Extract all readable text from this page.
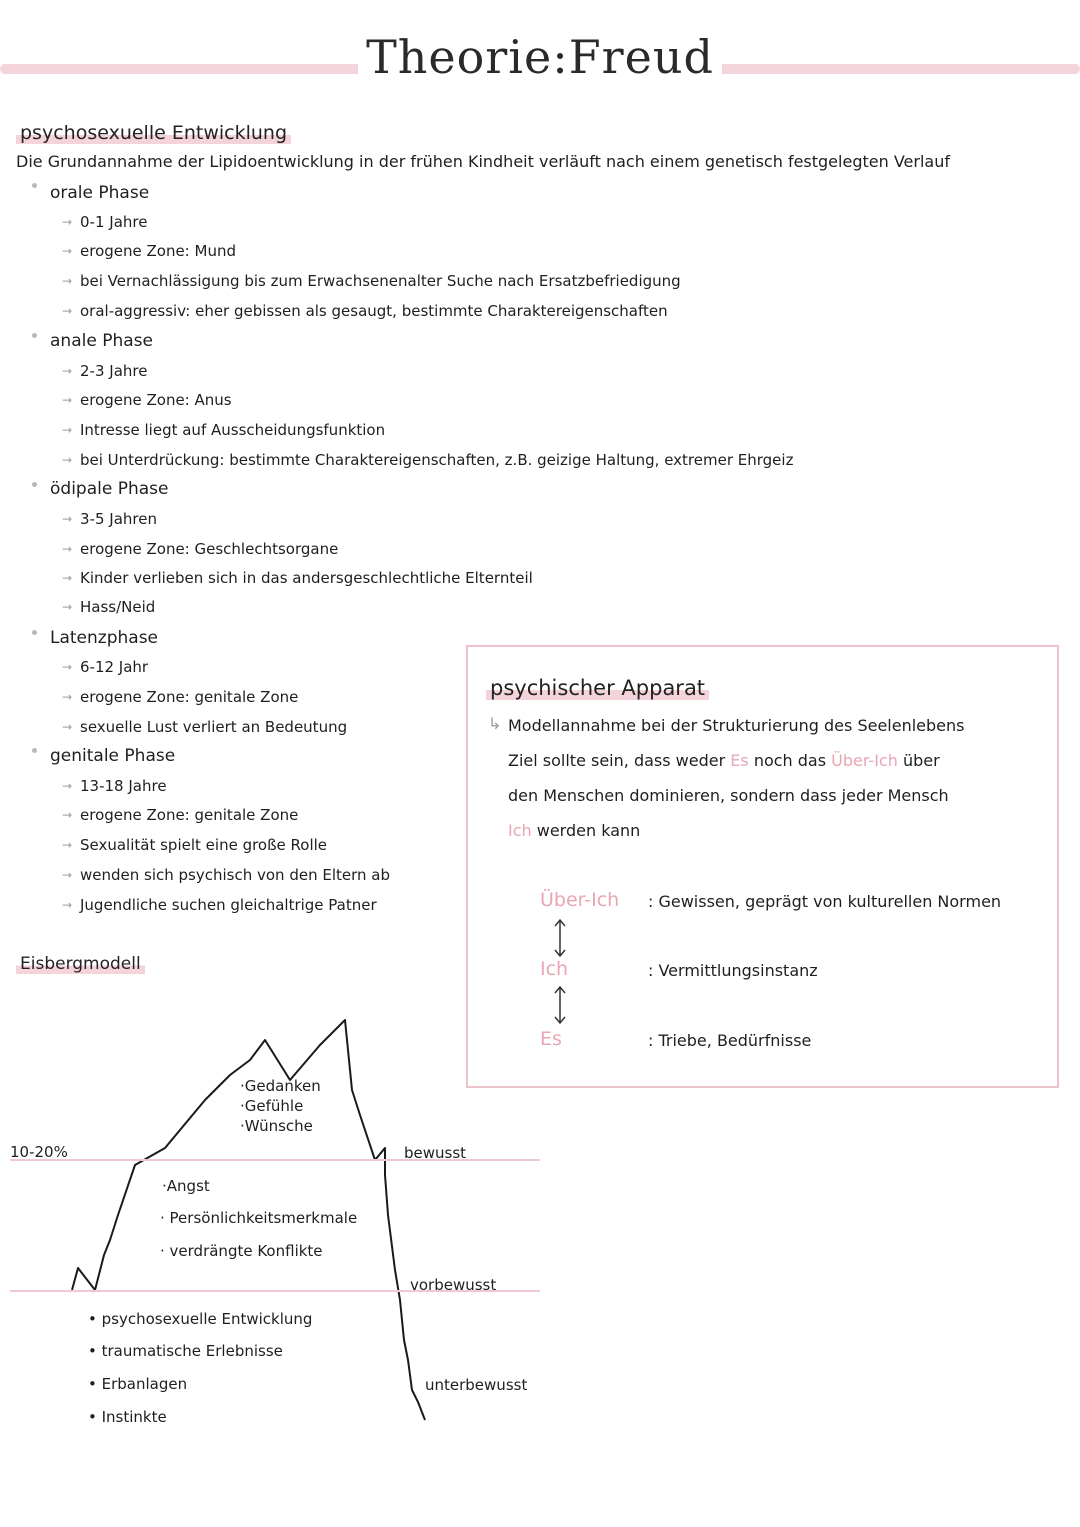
Theorie:Freud
psychosexuelle Entwicklung
Die Grundannahme der Lipidoentwicklung in der frühen Kindheit verläuft nach einem genetisch festgelegten Verlauf
orale Phase
→ 0-1 Jahre
→ erogene Zone: Mund
→ bei Vernachlässigung bis zum Erwachsenenalter Suche nach Ersatzbefriedigung
→ oral-aggressiv: eher gebissen als gesaugt, bestimmte Charaktereigenschaften
anale Phase
→ 2-3 Jahre
→ erogene Zone: Anus
→ Intresse liegt auf Ausscheidungsfunktion
→ bei Unterdrückung: bestimmte Charaktereigenschaften, z.B. geizige Haltung, extremer Ehrgeiz
ödipale Phase
→ 3-5 Jahren
→ erogene Zone: Geschlechtsorgane
→ Kinder verlieben sich in das andersgeschlechtliche Elternteil
→ Hass/Neid
Latenzphase
→ 6-12 Jahr
→ erogene Zone: genitale Zone
→ sexuelle Lust verliert an Bedeutung
genitale Phase
→ 13-18 Jahre
→ erogene Zone: genitale Zone
→ Sexualität spielt eine große Rolle
→ wenden sich psychisch von den Eltern ab
→ Jugendliche suchen gleichaltrige Patner
psychischer Apparat
↳ Modellannahme bei der Strukturierung des Seelenlebens
Ziel sollte sein, dass weder Es noch das Über-Ich über
den Menschen dominieren, sondern dass jeder Mensch
Ich werden kann
Über-Ich : Gewissen, geprägt von kulturellen Normen
Ich	: Vermittlungsinstanz
Es	: Triebe, Bedürfnisse
Eisbergmodell
10-20%
·Gedanken
·Gefühle
·Wünsche
·Angst
· Persönlichkeitsmerkmale
· verdrängte Konflikte
• psychosexuelle Entwicklung
• traumatische Erlebnisse
• Erbanlagen
• Instinkte
bewusst
vorbewusst
unterbewusst
